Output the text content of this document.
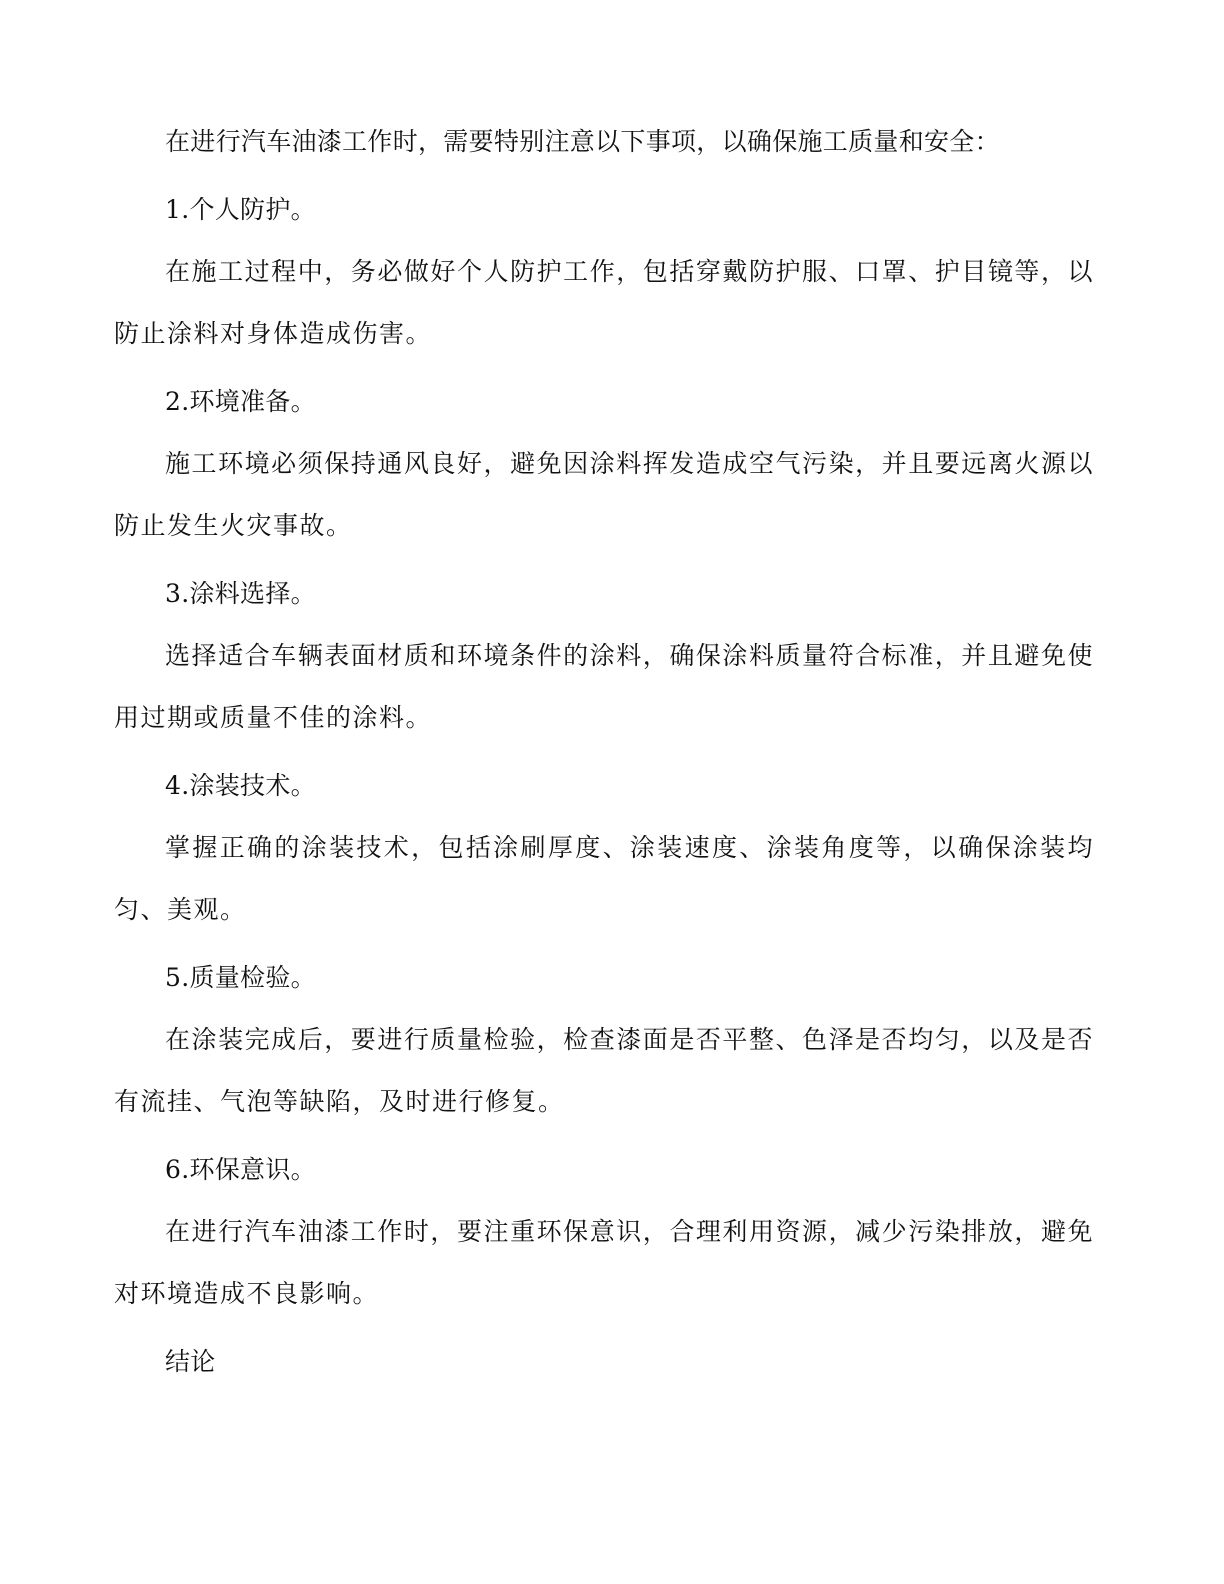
在进行汽车油漆工作时，需要特别注意以下事项，以确保施工质量和安全：

1.个人防护。

在施工过程中，务必做好个人防护工作，包括穿戴防护服、口罩、护目镜等，以防止涂料对身体造成伤害。

2.环境准备。

施工环境必须保持通风良好，避免因涂料挥发造成空气污染，并且要远离火源以防止发生火灾事故。

3.涂料选择。

选择适合车辆表面材质和环境条件的涂料，确保涂料质量符合标准，并且避免使用过期或质量不佳的涂料。

4.涂装技术。

掌握正确的涂装技术，包括涂刷厚度、涂装速度、涂装角度等，以确保涂装均匀、美观。

5.质量检验。

在涂装完成后，要进行质量检验，检查漆面是否平整、色泽是否均匀，以及是否有流挂、气泡等缺陷，及时进行修复。

6.环保意识。

在进行汽车油漆工作时，要注重环保意识，合理利用资源，减少污染排放，避免对环境造成不良影响。

结论
